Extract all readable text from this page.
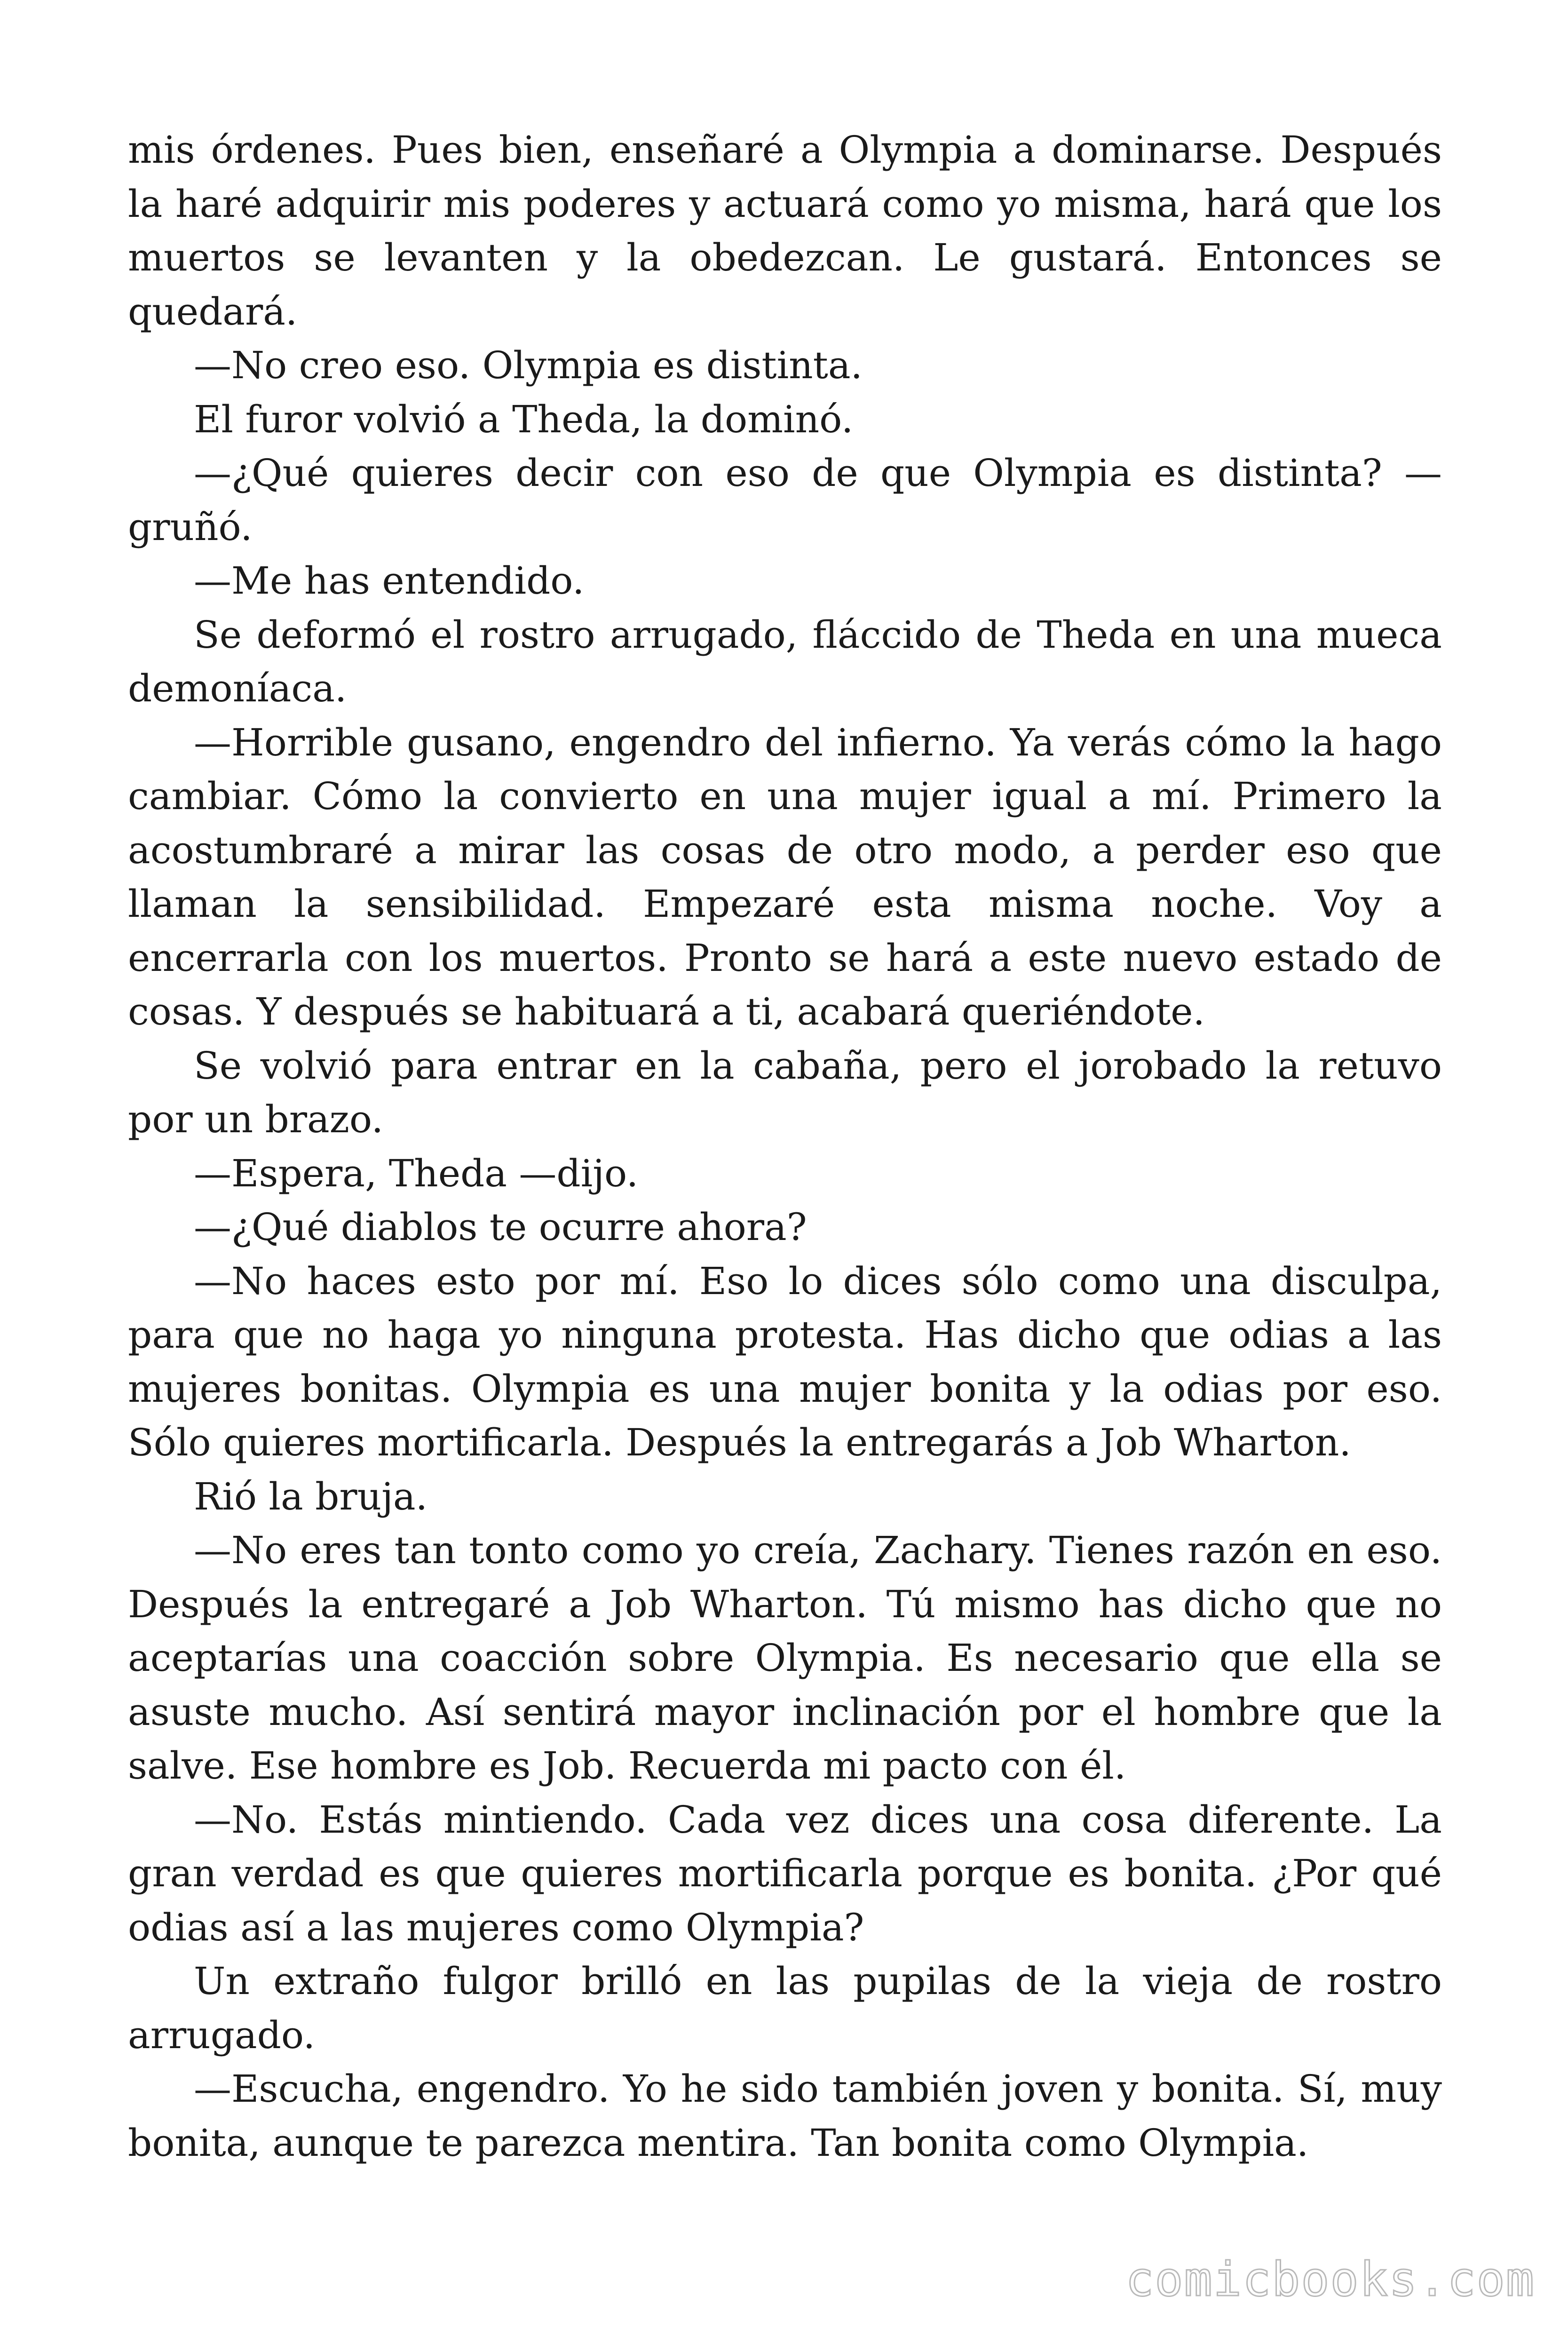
mis órdenes. Pues bien, enseñaré a Olympia a dominarse. Después la haré adquirir mis poderes y actuará como yo misma, hará que los muertos se levanten y la obedezcan. Le gustará. Entonces se quedará.

—No creo eso. Olympia es distinta.

El furor volvió a Theda, la dominó.

—¿Qué quieres decir con eso de que Olympia es distinta? —gruñó.

—Me has entendido.

Se deformó el rostro arrugado, fláccido de Theda en una mueca demoníaca.

—Horrible gusano, engendro del infierno. Ya verás cómo la hago cambiar. Cómo la convierto en una mujer igual a mí. Primero la acostumbraré a mirar las cosas de otro modo, a perder eso que llaman la sensibilidad. Empezaré esta misma noche. Voy a encerrarla con los muertos. Pronto se hará a este nuevo estado de cosas. Y después se habituará a ti, acabará queriéndote.

Se volvió para entrar en la cabaña, pero el jorobado la retuvo por un brazo.

—Espera, Theda —dijo.

—¿Qué diablos te ocurre ahora?

—No haces esto por mí. Eso lo dices sólo como una disculpa, para que no haga yo ninguna protesta. Has dicho que odias a las mujeres bonitas. Olympia es una mujer bonita y la odias por eso. Sólo quieres mortificarla. Después la entregarás a Job Wharton.

Rió la bruja.

—No eres tan tonto como yo creía, Zachary. Tienes razón en eso. Después la entregaré a Job Wharton. Tú mismo has dicho que no aceptarías una coacción sobre Olympia. Es necesario que ella se asuste mucho. Así sentirá mayor inclinación por el hombre que la salve. Ese hombre es Job. Recuerda mi pacto con él.

—No. Estás mintiendo. Cada vez dices una cosa diferente. La gran verdad es que quieres mortificarla porque es bonita. ¿Por qué odias así a las mujeres como Olympia?

Un extraño fulgor brilló en las pupilas de la vieja de rostro arrugado.

—Escucha, engendro. Yo he sido también joven y bonita. Sí, muy bonita, aunque te parezca mentira. Tan bonita como Olympia.

comicbooks.com
